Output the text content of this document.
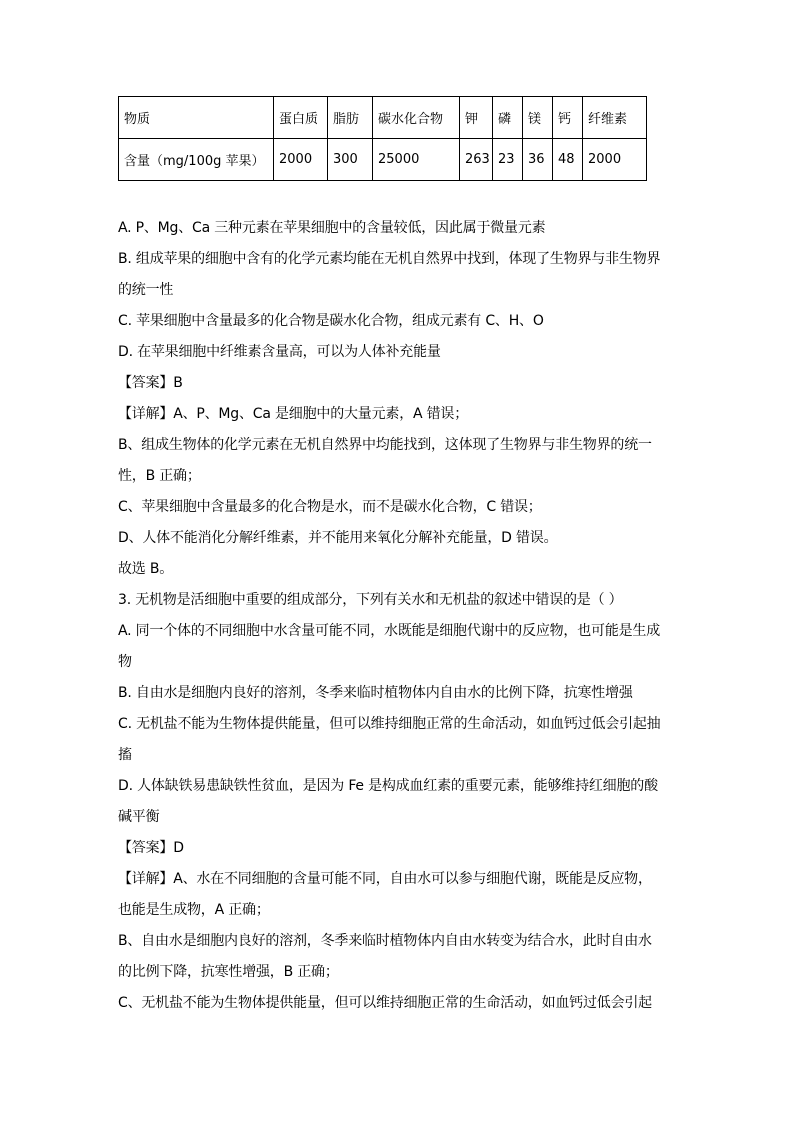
物质	蛋白质	脂肪	碳水化合物	钾	磷	镁	钙	纤维素
含量（mg/100g 苹果）	2000	300	25000	263	23	36	48	2000
A. P、Mg、Ca 三种元素在苹果细胞中的含量较低，因此属于微量元素
B. 组成苹果的细胞中含有的化学元素均能在无机自然界中找到，体现了生物界与非生物界
的统一性
C. 苹果细胞中含量最多的化合物是碳水化合物，组成元素有 C、H、O
D. 在苹果细胞中纤维素含量高，可以为人体补充能量
【答案】B
【详解】A、P、Mg、Ca 是细胞中的大量元素，A 错误；
B、组成生物体的化学元素在无机自然界中均能找到，这体现了生物界与非生物界的统一
性，B 正确；
C、苹果细胞中含量最多的化合物是水，而不是碳水化合物，C 错误；
D、人体不能消化分解纤维素，并不能用来氧化分解补充能量，D 错误。
故选 B。
3. 无机物是活细胞中重要的组成部分，下列有关水和无机盐的叙述中错误的是（ ）
A. 同一个体的不同细胞中水含量可能不同，水既能是细胞代谢中的反应物，也可能是生成
物
B. 自由水是细胞内良好的溶剂，冬季来临时植物体内自由水的比例下降，抗寒性增强
C. 无机盐不能为生物体提供能量，但可以维持细胞正常的生命活动，如血钙过低会引起抽
搐
D. 人体缺铁易患缺铁性贫血，是因为 Fe 是构成血红素的重要元素，能够维持红细胞的酸
碱平衡
【答案】D
【详解】A、水在不同细胞的含量可能不同，自由水可以参与细胞代谢，既能是反应物，
也能是生成物，A 正确；
B、自由水是细胞内良好的溶剂，冬季来临时植物体内自由水转变为结合水，此时自由水
的比例下降，抗寒性增强，B 正确；
C、无机盐不能为生物体提供能量，但可以维持细胞正常的生命活动，如血钙过低会引起
